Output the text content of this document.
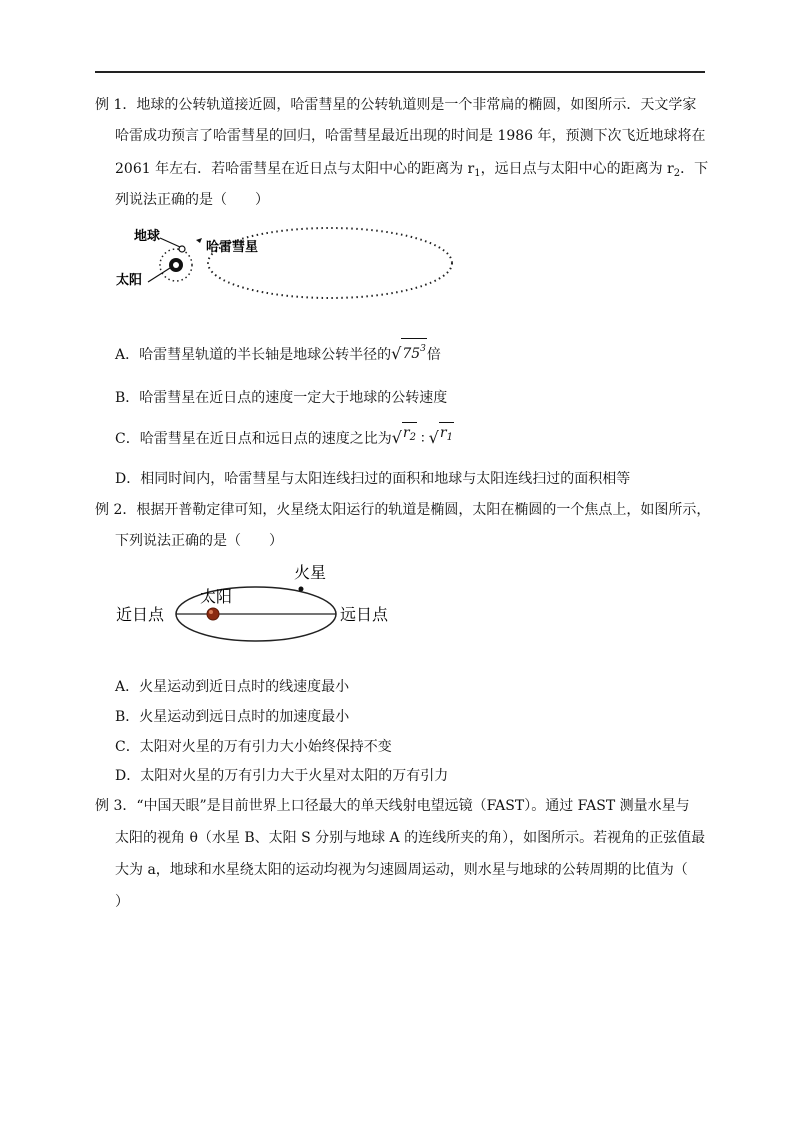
例 1．地球的公转轨道接近圆，哈雷彗星的公转轨道则是一个非常扁的椭圆，如图所示．天文学家
哈雷成功预言了哈雷彗星的回归，哈雷彗星最近出现的时间是 1986 年，预测下次飞近地球将在
2061 年左右．若哈雷彗星在近日点与太阳中心的距离为 $r_1$，远日点与太阳中心的距离为 $r_2$．下
列说法正确的是（　　）
地球
哈雷彗星
太阳
A．哈雷彗星轨道的半长轴是地球公转半径的 √ $75^3$ 倍
B．哈雷彗星在近日点的速度一定大于地球的公转速度
C．哈雷彗星在近日点和远日点的速度之比为 √ $r_2$ ∶ √ $r_1$
D．相同时间内，哈雷彗星与太阳连线扫过的面积和地球与太阳连线扫过的面积相等
例 2．根据开普勒定律可知，火星绕太阳运行的轨道是椭圆，太阳在椭圆的一个焦点上，如图所示，
下列说法正确的是（　　）
火星
太阳
近日点	远日点
A．火星运动到近日点时的线速度最小
B．火星运动到远日点时的加速度最小
C．太阳对火星的万有引力大小始终保持不变
D．太阳对火星的万有引力大于火星对太阳的万有引力
例 3．“中国天眼”是目前世界上口径最大的单天线射电望远镜（FAST）。通过 FAST 测量水星与
太阳的视角 θ（水星 B、太阳 S 分别与地球 A 的连线所夹的角），如图所示。若视角的正弦值最
大为 a，地球和水星绕太阳的运动均视为匀速圆周运动，则水星与地球的公转周期的比值为（
）
